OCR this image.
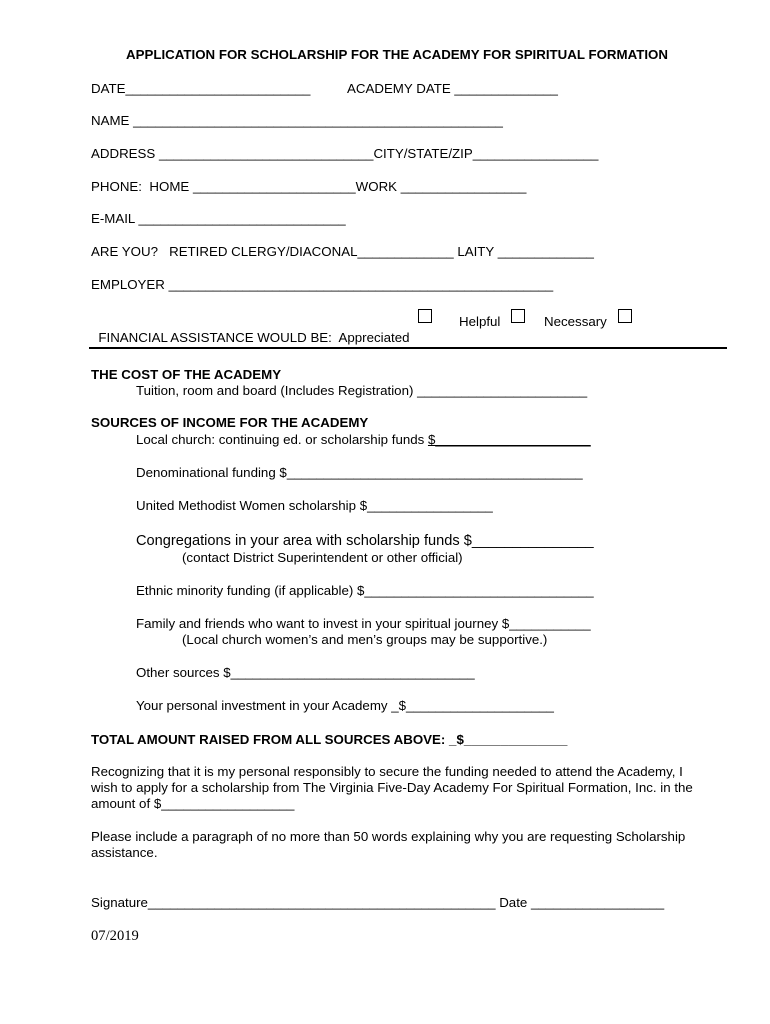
APPLICATION FOR SCHOLARSHIP FOR THE ACADEMY FOR SPIRITUAL FORMATION
DATE_________________________	ACADEMY DATE ______________
NAME __________________________________________________
ADDRESS _____________________________CITY/STATE/ZIP_________________
PHONE:  HOME ______________________WORK _________________
E-MAIL ____________________________
ARE YOU?   RETIRED CLERGY/DIACONAL_____________ LAITY _____________
EMPLOYER ____________________________________________________

FINANCIAL ASSISTANCE WOULD BE:  Appreciated

Helpful	Necessary
THE COST OF THE ACADEMY
Tuition, room and board (Includes Registration) _______________________
SOURCES OF INCOME FOR THE ACADEMY
Local church: continuing ed. or scholarship funds $_____________________
Denominational funding $________________________________________
United Methodist Women scholarship $_________________
Congregations in your area with scholarship funds $_______________
(contact District Superintendent or other official)
Ethnic minority funding (if applicable) $_______________________________
Family and friends who want to invest in your spiritual journey $___________
(Local church women’s and men’s groups may be supportive.)
Other sources $_________________________________
Your personal investment in your Academy _$____________________
TOTAL AMOUNT RAISED FROM ALL SOURCES ABOVE: _$______________
Recognizing that it is my personal responsibly to secure the funding needed to attend the Academy, I
wish to apply for a scholarship from The Virginia Five-Day Academy For Spiritual Formation, Inc. in the
amount of $__________________
Please include a paragraph of no more than 50 words explaining why you are requesting Scholarship
assistance.
Signature_______________________________________________ Date __________________
07/2019
